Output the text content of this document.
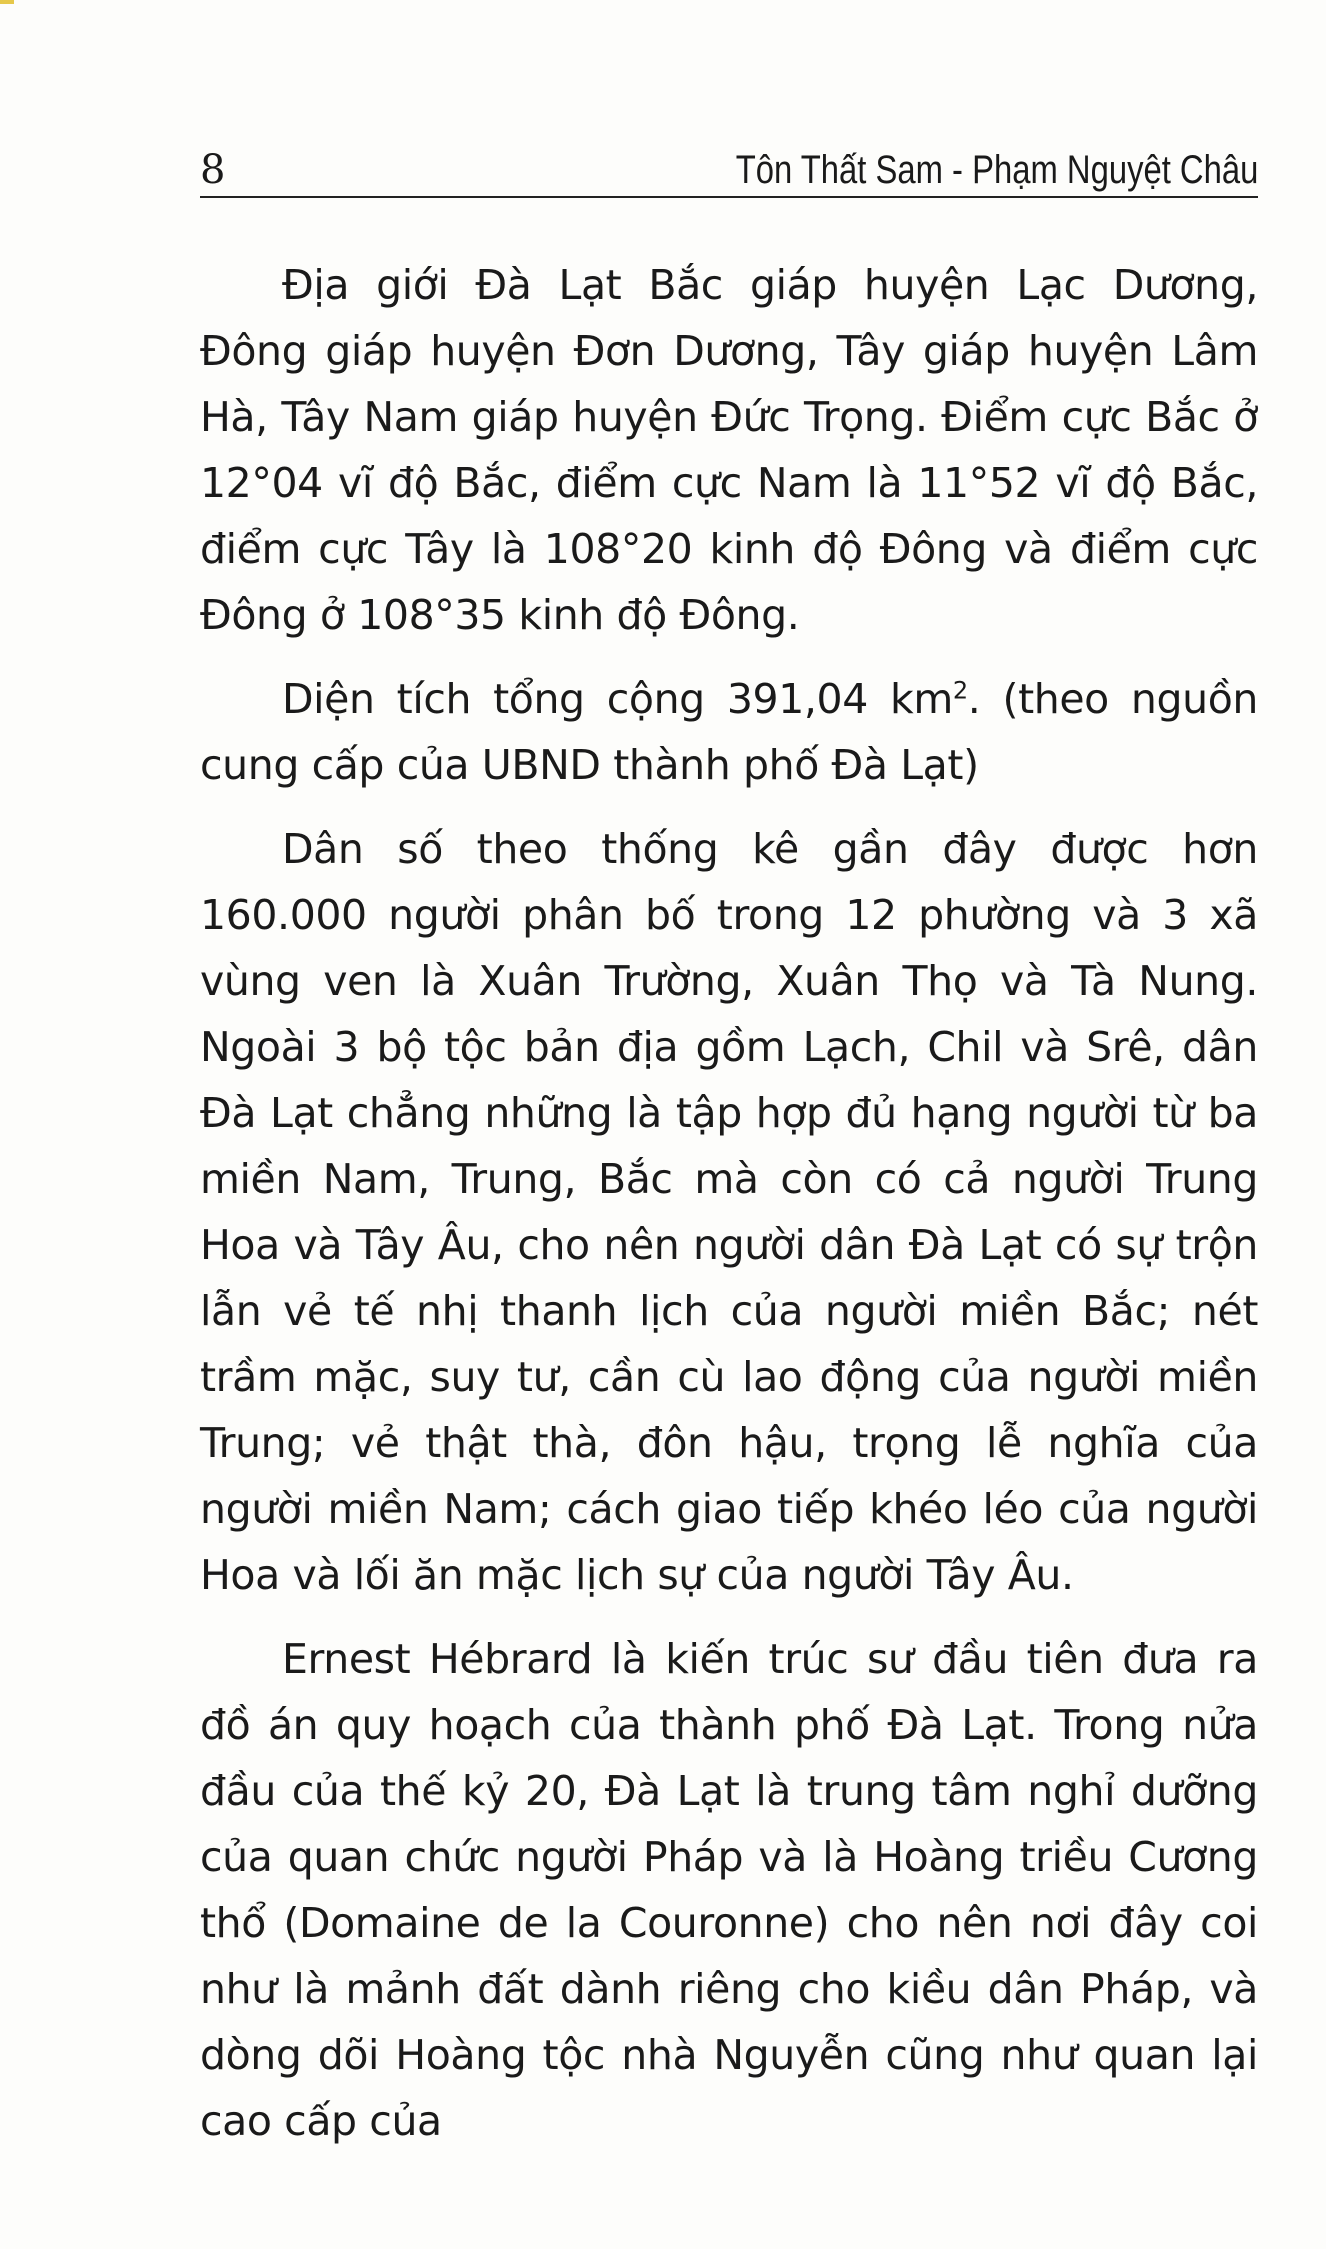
8	Tôn Thất Sam - Phạm Nguyệt Châu

Địa giới Đà Lạt Bắc giáp huyện Lạc Dương, Đông giáp huyện Đơn Dương, Tây giáp huyện Lâm Hà, Tây Nam giáp huyện Đức Trọng. Điểm cực Bắc ở 12°04 vĩ độ Bắc, điểm cực Nam là 11°52 vĩ độ Bắc, điểm cực Tây là 108°20 kinh độ Đông và điểm cực Đông ở 108°35 kinh độ Đông.

Diện tích tổng cộng 391,04 $km^2$. (theo nguồn cung cấp của UBND thành phố Đà Lạt)

Dân số theo thống kê gần đây được hơn 160.000 người phân bố trong 12 phường và 3 xã vùng ven là Xuân Trường, Xuân Thọ và Tà Nung. Ngoài 3 bộ tộc bản địa gồm Lạch, Chil và Srê, dân Đà Lạt chẳng những là tập hợp đủ hạng người từ ba miền Nam, Trung, Bắc mà còn có cả người Trung Hoa và Tây Âu, cho nên người dân Đà Lạt có sự trộn lẫn vẻ tế nhị thanh lịch của người miền Bắc; nét trầm mặc, suy tư, cần cù lao động của người miền Trung; vẻ thật thà, đôn hậu, trọng lễ nghĩa của người miền Nam; cách giao tiếp khéo léo của người Hoa và lối ăn mặc lịch sự của người Tây Âu.

Ernest Hébrard là kiến trúc sư đầu tiên đưa ra đồ án quy hoạch của thành phố Đà Lạt. Trong nửa đầu của thế kỷ 20, Đà Lạt là trung tâm nghỉ dưỡng của quan chức người Pháp và là Hoàng triều Cương thổ (Domaine de la Couronne) cho nên nơi đây coi như là mảnh đất dành riêng cho kiều dân Pháp, và dòng dõi Hoàng tộc nhà Nguyễn cũng như quan lại cao cấp của
